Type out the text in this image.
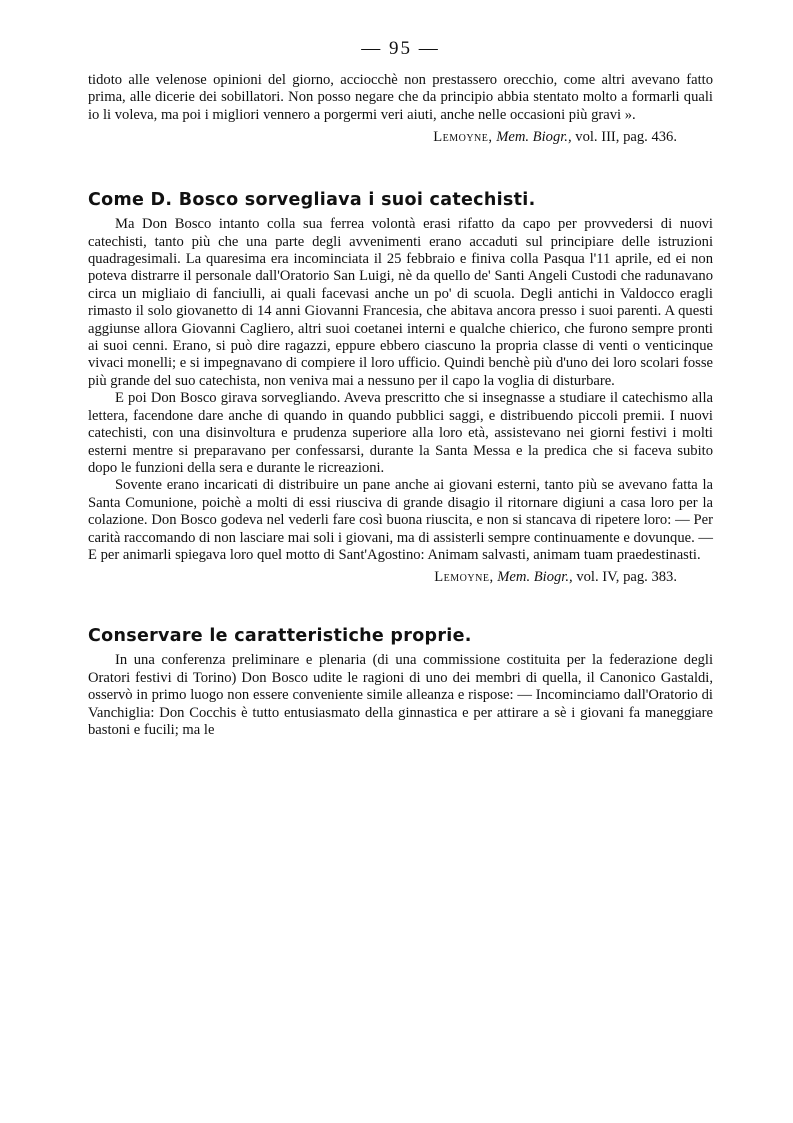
— 95 —

tidoto alle velenose opinioni del giorno, acciocchè non prestassero orecchio, come altri avevano fatto prima, alle dicerie dei sobillatori. Non posso negare che da principio abbia stentato molto a formarli quali io li voleva, ma poi i migliori vennero a porgermi veri aiuti, anche nelle occasioni più gravi ».

Lemoyne, Mem. Biogr., vol. III, pag. 436.
Come D. Bosco sorvegliava i suoi catechisti.

Ma Don Bosco intanto colla sua ferrea volontà erasi rifatto da capo per provvedersi di nuovi catechisti, tanto più che una parte degli avvenimenti erano accaduti sul principiare delle istruzioni quadragesimali. La quaresima era incominciata il 25 febbraio e finiva colla Pasqua l'11 aprile, ed ei non poteva distrarre il personale dall'Oratorio San Luigi, nè da quello de' Santi Angeli Custodi che radunavano circa un migliaio di fanciulli, ai quali facevasi anche un po' di scuola. Degli antichi in Valdocco eragli rimasto il solo giovanetto di 14 anni Giovanni Francesia, che abitava ancora presso i suoi parenti. A questi aggiunse allora Giovanni Cagliero, altri suoi coetanei interni e qualche chierico, che furono sempre pronti ai suoi cenni. Erano, si può dire ragazzi, eppure ebbero ciascuno la propria classe di venti o venticinque vivaci monelli; e si impegnavano di compiere il loro ufficio. Quindi benchè più d'uno dei loro scolari fosse più grande del suo catechista, non veniva mai a nessuno per il capo la voglia di disturbare.

E poi Don Bosco girava sorvegliando. Aveva prescritto che si insegnasse a studiare il catechismo alla lettera, facendone dare anche di quando in quando pubblici saggi, e distribuendo piccoli premii. I nuovi catechisti, con una disinvoltura e prudenza superiore alla loro età, assistevano nei giorni festivi i molti esterni mentre si preparavano per confessarsi, durante la Santa Messa e la predica che si faceva subito dopo le funzioni della sera e durante le ricreazioni.

Sovente erano incaricati di distribuire un pane anche ai giovani esterni, tanto più se avevano fatta la Santa Comunione, poichè a molti di essi riusciva di grande disagio il ritornare digiuni a casa loro per la colazione. Don Bosco godeva nel vederli fare così buona riuscita, e non si stancava di ripetere loro: — Per carità raccomando di non lasciare mai soli i giovani, ma di assisterli sempre continuamente e dovunque. — E per animarli spiegava loro quel motto di Sant'Agostino: Animam salvasti, animam tuam praedestinasti.

Lemoyne, Mem. Biogr., vol. IV, pag. 383.
Conservare le caratteristiche proprie.

In una conferenza preliminare e plenaria (di una commissione costituita per la federazione degli Oratori festivi di Torino) Don Bosco udite le ragioni di uno dei membri di quella, il Canonico Gastaldi, osservò in primo luogo non essere conveniente simile alleanza e rispose: — Incominciamo dall'Oratorio di Vanchiglia: Don Cocchis è tutto entusiasmato della ginnastica e per attirare a sè i giovani fa maneggiare bastoni e fucili; ma le
